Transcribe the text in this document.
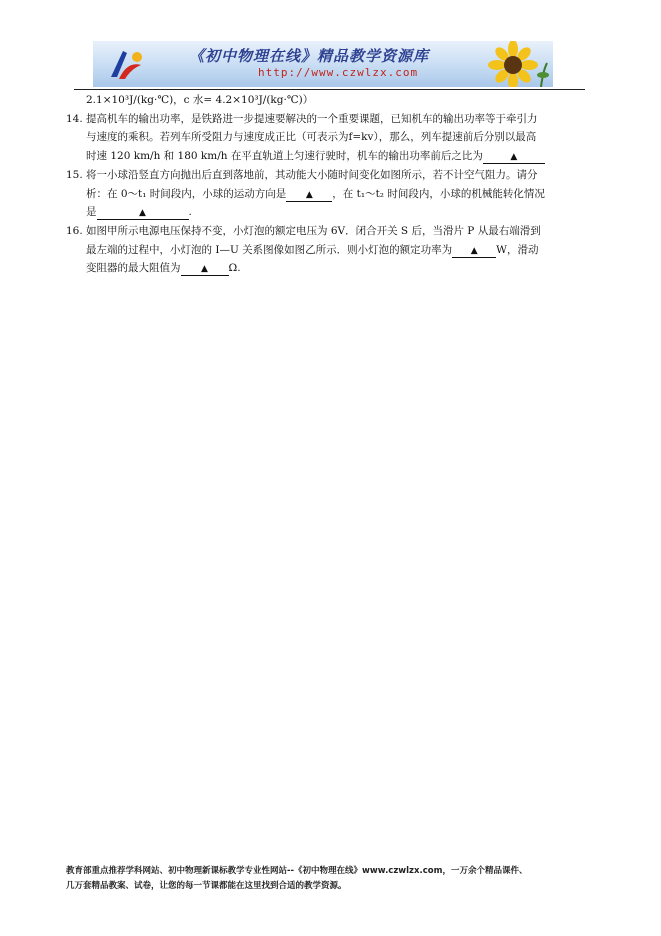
《初中物理在线》精品教学资源库
http://www.czwlzx.com
2.1×10³J/(kg·℃)，c 水= 4.2×10³J/(kg·℃)）
14. 提高机车的输出功率，是铁路进一步提速要解决的一个重要课题，已知机车的输出功率等于牵引力
与速度的乘积。若列车所受阻力与速度成正比（可表示为f=kv），那么，列车提速前后分别以最高
时速 120 km/h 和 180 km/h 在平直轨道上匀速行驶时，机车的输出功率前后之比为	▲
15. 将一小球沿竖直方向抛出后直到落地前，其动能大小随时间变化如图所示，若不计空气阻力。请分
析：在 0～t₁ 时间段内，小球的运动方向是 ▲ ，在 t₁～t₂ 时间段内，小球的机械能转化情况
是	▲	.
16. 如图甲所示电源电压保持不变，小灯泡的额定电压为 6V．闭合开关 S 后，当滑片 P 从最右端滑到
最左端的过程中，小灯泡的 I—U 关系图像如图乙所示．则小灯泡的额定功率为 ▲ W，滑动
变阻器的最大阻值为 ▲ Ω.
教育部重点推荐学科网站、初中物理新课标教学专业性网站--《初中物理在线》www.czwlzx.com，一万余个精品课件、
几万套精品教案、试卷，让您的每一节课都能在这里找到合适的教学资源。
